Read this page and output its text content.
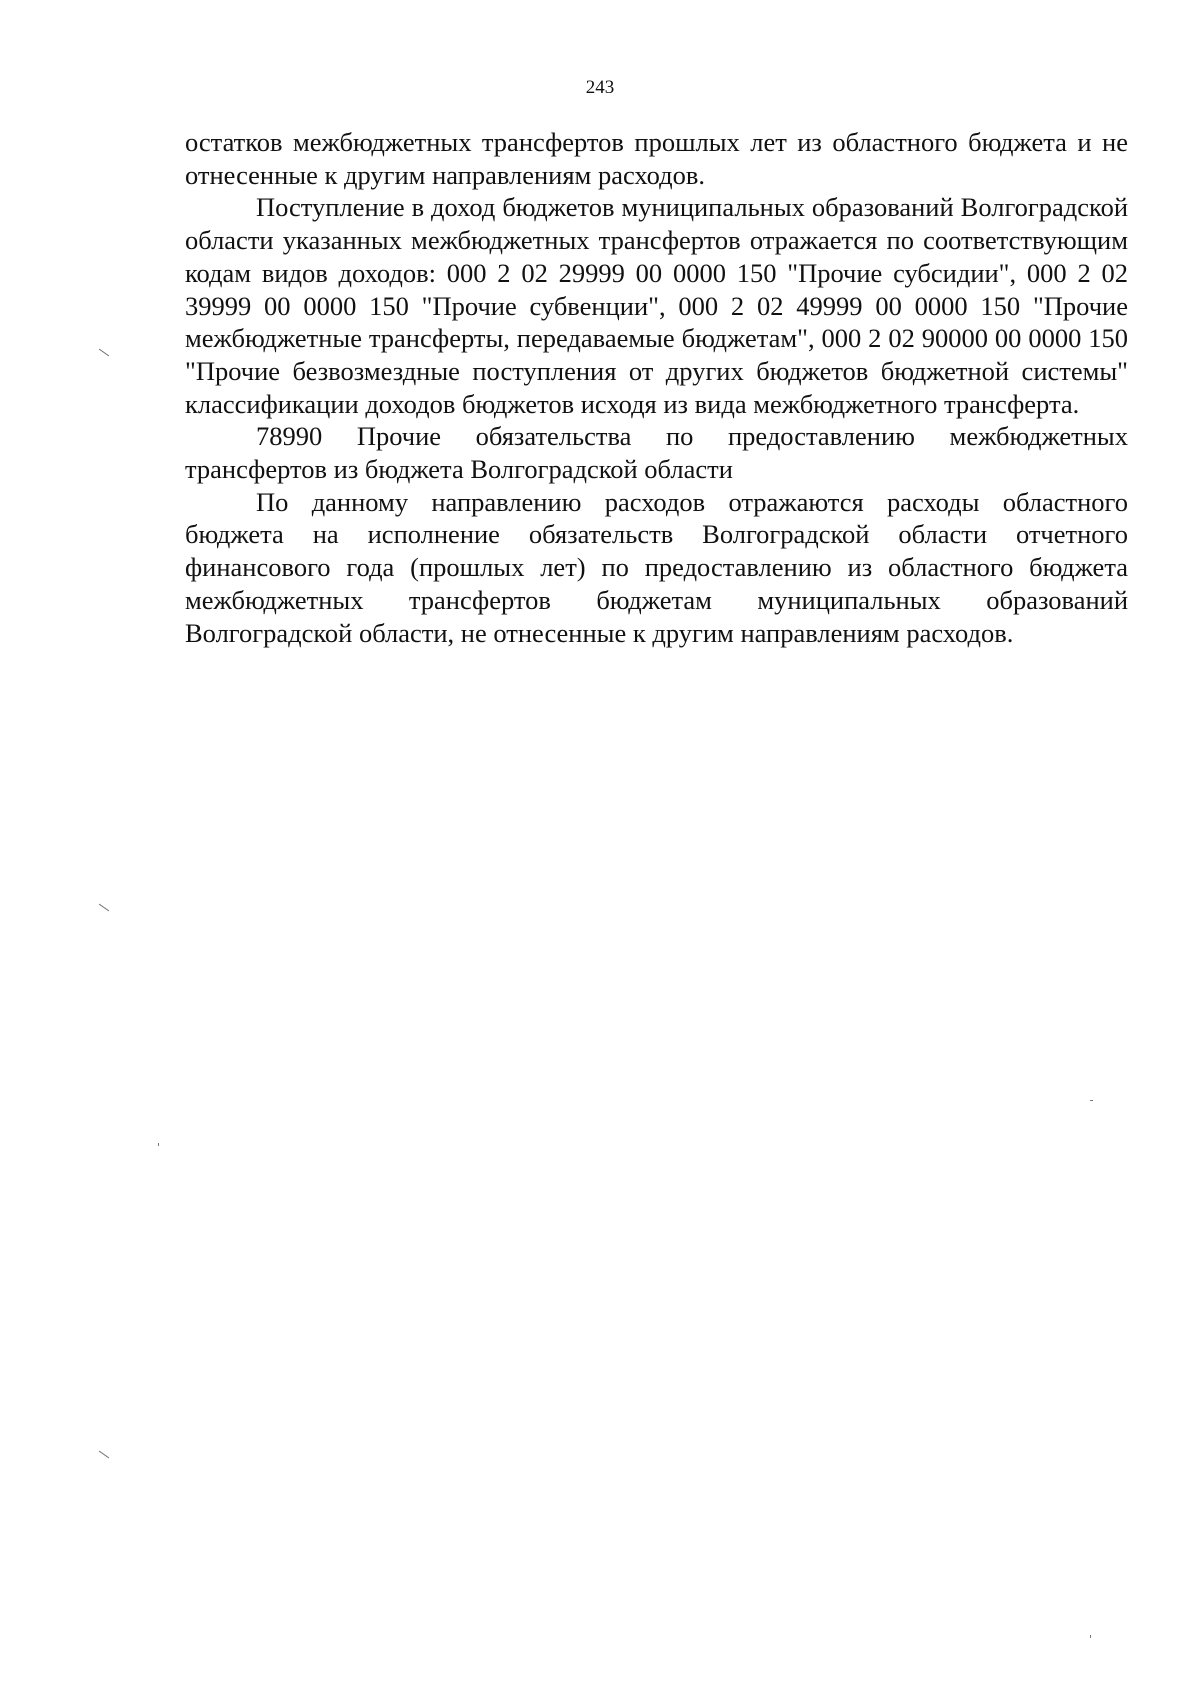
243

остатков межбюджетных трансфертов прошлых лет из областного бюджета и не отнесенные к другим направлениям расходов.

Поступление в доход бюджетов муниципальных образований Волгоградской области указанных межбюджетных трансфертов отражается по соответствующим кодам видов доходов: 000 2 02 29999 00 0000 150 "Прочие субсидии", 000 2 02 39999 00 0000 150 "Прочие субвенции", 000 2 02 49999 00 0000 150 "Прочие межбюджетные трансферты, передаваемые бюджетам", 000 2 02 90000 00 0000 150 "Прочие безвозмездные поступления от других бюджетов бюджетной системы" классификации доходов бюджетов исходя из вида межбюджетного трансферта.

78990 Прочие обязательства по предоставлению межбюджетных трансфертов из бюджета Волгоградской области

По данному направлению расходов отражаются расходы областного бюджета на исполнение обязательств Волгоградской области отчетного финансового года (прошлых лет) по предоставлению из областного бюджета межбюджетных трансфертов бюджетам муниципальных образований Волгоградской области, не отнесенные к другим направлениям расходов.
